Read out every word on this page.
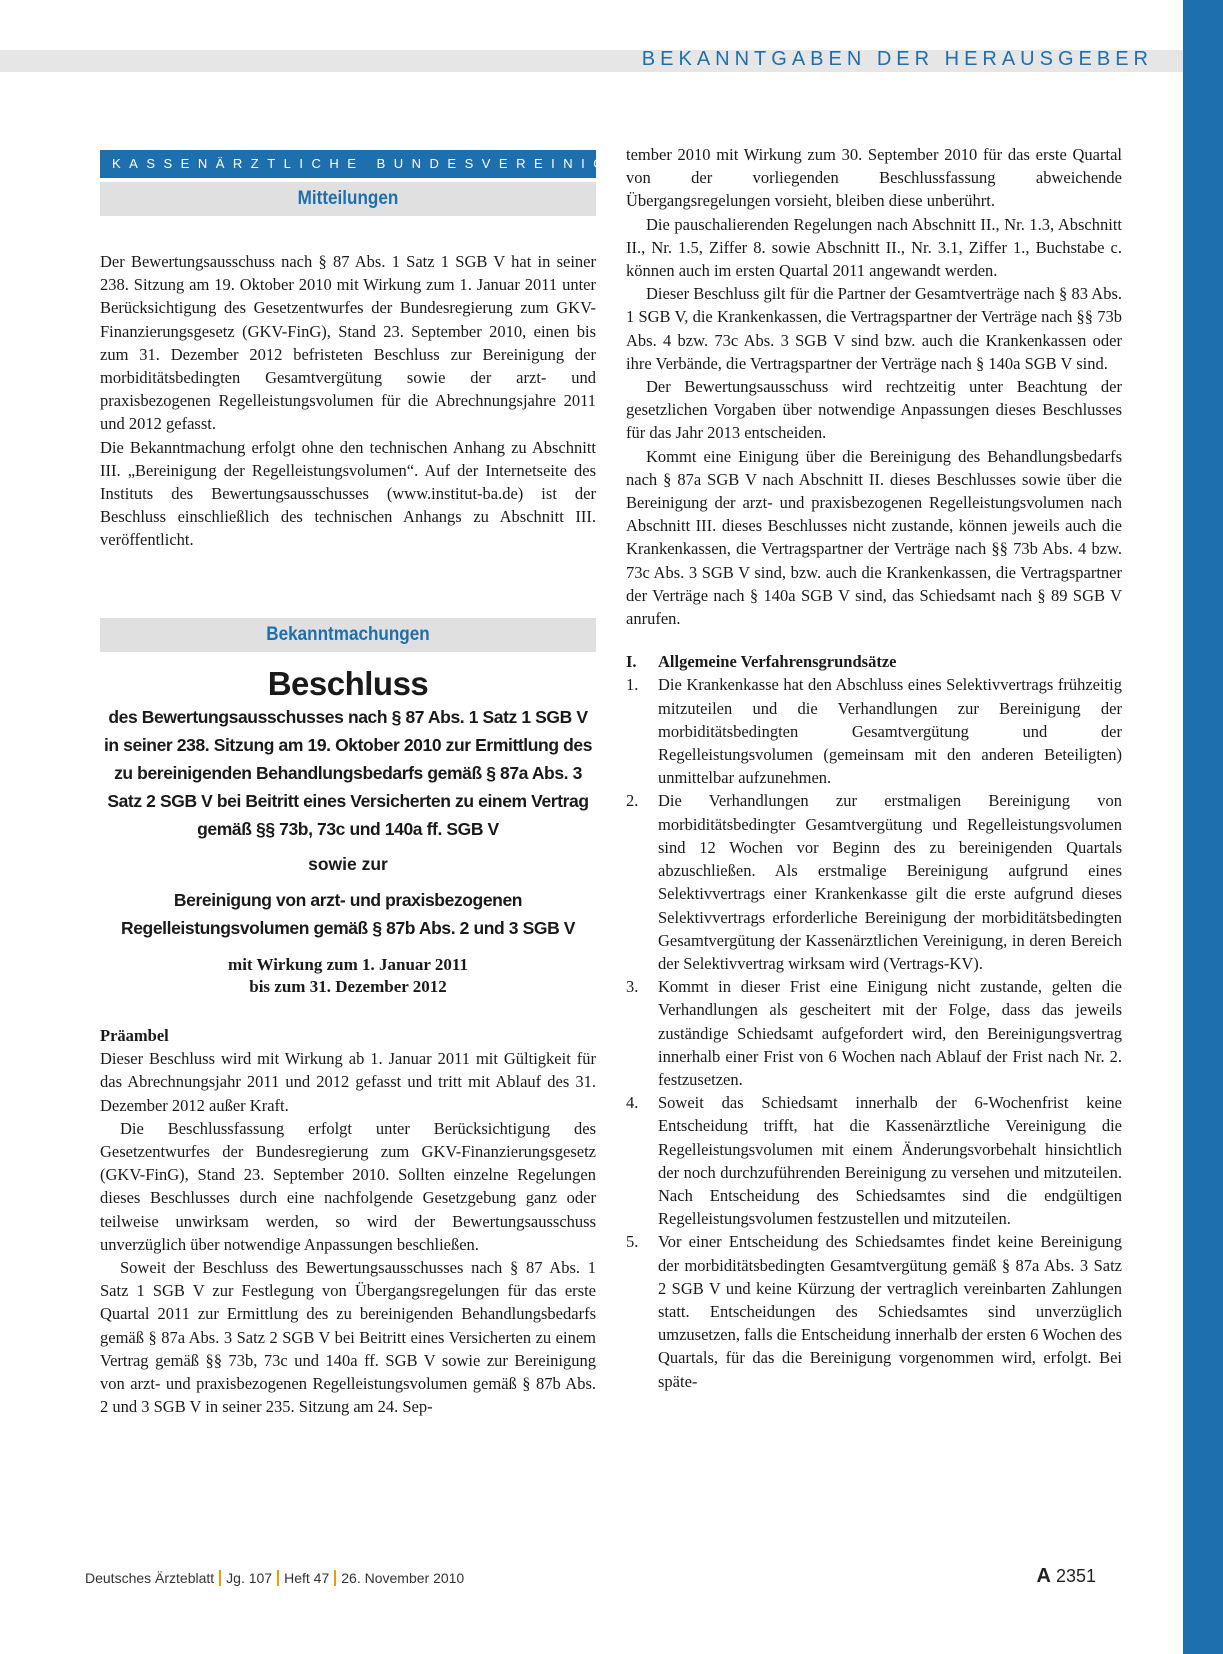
BEKANNTGABEN DER HERAUSGEBER
KASSENÄRZTLICHE BUNDESVEREINIGUNG
Mitteilungen

Der Bewertungsausschuss nach § 87 Abs. 1 Satz 1 SGB V hat in seiner 238. Sitzung am 19. Oktober 2010 mit Wirkung zum 1. Januar 2011 unter Berücksichtigung des Gesetzentwurfes der Bundesregierung zum GKV-Finanzierungsgesetz (GKV-FinG), Stand 23. September 2010, einen bis zum 31. Dezember 2012 befristeten Beschluss zur Bereinigung der morbiditätsbedingten Gesamtvergütung sowie der arzt- und praxisbezogenen Regelleistungsvolumen für die Abrechnungsjahre 2011 und 2012 gefasst.

Die Bekanntmachung erfolgt ohne den technischen Anhang zu Abschnitt III. „Bereinigung der Regelleistungsvolumen“. Auf der Internetseite des Instituts des Bewertungsausschusses (www.institut-ba.de) ist der Beschluss einschließlich des technischen Anhangs zu Abschnitt III. veröffentlicht.

Bekanntmachungen
Beschluss
des Bewertungsausschusses nach § 87 Abs. 1 Satz 1 SGB V in seiner 238. Sitzung am 19. Oktober 2010 zur Ermittlung des zu bereinigenden Behandlungsbedarfs gemäß § 87a Abs. 3 Satz 2 SGB V bei Beitritt eines Versicherten zu einem Vertrag gemäß §§ 73b, 73c und 140a ff. SGB V
sowie zur
Bereinigung von arzt- und praxisbezogenen Regelleistungsvolumen gemäß § 87b Abs. 2 und 3 SGB V
mit Wirkung zum 1. Januar 2011
bis zum 31. Dezember 2012
Präambel

Dieser Beschluss wird mit Wirkung ab 1. Januar 2011 mit Gültigkeit für das Abrechnungsjahr 2011 und 2012 gefasst und tritt mit Ablauf des 31. Dezember 2012 außer Kraft.

Die Beschlussfassung erfolgt unter Berücksichtigung des Gesetzentwurfes der Bundesregierung zum GKV-Finanzierungsgesetz (GKV-FinG), Stand 23. September 2010. Sollten einzelne Regelungen dieses Beschlusses durch eine nachfolgende Gesetzgebung ganz oder teilweise unwirksam werden, so wird der Bewertungsausschuss unverzüglich über notwendige Anpassungen beschließen.

Soweit der Beschluss des Bewertungsausschusses nach § 87 Abs. 1 Satz 1 SGB V zur Festlegung von Übergangsregelungen für das erste Quartal 2011 zur Ermittlung des zu bereinigenden Behandlungsbedarfs gemäß § 87a Abs. 3 Satz 2 SGB V bei Beitritt eines Versicherten zu einem Vertrag gemäß §§ 73b, 73c und 140a ff. SGB V sowie zur Bereinigung von arzt- und praxisbezogenen Regelleistungsvolumen gemäß § 87b Abs. 2 und 3 SGB V in seiner 235. Sitzung am 24. Sep-

tember 2010 mit Wirkung zum 30. September 2010 für das erste Quartal von der vorliegenden Beschlussfassung abweichende Übergangsregelungen vorsieht, bleiben diese unberührt.

Die pauschalierenden Regelungen nach Abschnitt II., Nr. 1.3, Abschnitt II., Nr. 1.5, Ziffer 8. sowie Abschnitt II., Nr. 3.1, Ziffer 1., Buchstabe c. können auch im ersten Quartal 2011 angewandt werden.

Dieser Beschluss gilt für die Partner der Gesamtverträge nach § 83 Abs. 1 SGB V, die Krankenkassen, die Vertragspartner der Verträge nach §§ 73b Abs. 4 bzw. 73c Abs. 3 SGB V sind bzw. auch die Krankenkassen oder ihre Verbände, die Vertragspartner der Verträge nach § 140a SGB V sind.

Der Bewertungsausschuss wird rechtzeitig unter Beachtung der gesetzlichen Vorgaben über notwendige Anpassungen dieses Beschlusses für das Jahr 2013 entscheiden.

Kommt eine Einigung über die Bereinigung des Behandlungsbedarfs nach § 87a SGB V nach Abschnitt II. dieses Beschlusses sowie über die Bereinigung der arzt- und praxisbezogenen Regelleistungsvolumen nach Abschnitt III. dieses Beschlusses nicht zustande, können jeweils auch die Krankenkassen, die Vertragspartner der Verträge nach §§ 73b Abs. 4 bzw. 73c Abs. 3 SGB V sind, bzw. auch die Krankenkassen, die Vertragspartner der Verträge nach § 140a SGB V sind, das Schiedsamt nach § 89 SGB V anrufen.

I. Allgemeine Verfahrensgrundsätze
1. Die Krankenkasse hat den Abschluss eines Selektivvertrags frühzeitig mitzuteilen und die Verhandlungen zur Bereinigung der morbiditätsbedingten Gesamtvergütung und der Regelleistungsvolumen (gemeinsam mit den anderen Beteiligten) unmittelbar aufzunehmen.
2. Die Verhandlungen zur erstmaligen Bereinigung von morbiditätsbedingter Gesamtvergütung und Regelleistungsvolumen sind 12 Wochen vor Beginn des zu bereinigenden Quartals abzuschließen. Als erstmalige Bereinigung aufgrund eines Selektivvertrags einer Krankenkasse gilt die erste aufgrund dieses Selektivvertrags erforderliche Bereinigung der morbiditätsbedingten Gesamtvergütung der Kassenärztlichen Vereinigung, in deren Bereich der Selektivvertrag wirksam wird (Vertrags-KV).
3. Kommt in dieser Frist eine Einigung nicht zustande, gelten die Verhandlungen als gescheitert mit der Folge, dass das jeweils zuständige Schiedsamt aufgefordert wird, den Bereinigungsvertrag innerhalb einer Frist von 6 Wochen nach Ablauf der Frist nach Nr. 2. festzusetzen.
4. Soweit das Schiedsamt innerhalb der 6-Wochenfrist keine Entscheidung trifft, hat die Kassenärztliche Vereinigung die Regelleistungsvolumen mit einem Änderungsvorbehalt hinsichtlich der noch durchzuführenden Bereinigung zu versehen und mitzuteilen. Nach Entscheidung des Schiedsamtes sind die endgültigen Regelleistungsvolumen festzustellen und mitzuteilen.
5. Vor einer Entscheidung des Schiedsamtes findet keine Bereinigung der morbiditätsbedingten Gesamtvergütung gemäß § 87a Abs. 3 Satz 2 SGB V und keine Kürzung der vertraglich vereinbarten Zahlungen statt. Entscheidungen des Schiedsamtes sind unverzüglich umzusetzen, falls die Entscheidung innerhalb der ersten 6 Wochen des Quartals, für das die Bereinigung vorgenommen wird, erfolgt. Bei späte-
Deutsches Ärzteblatt Jg. 107 Heft 47 26. November 2010	A 2351
